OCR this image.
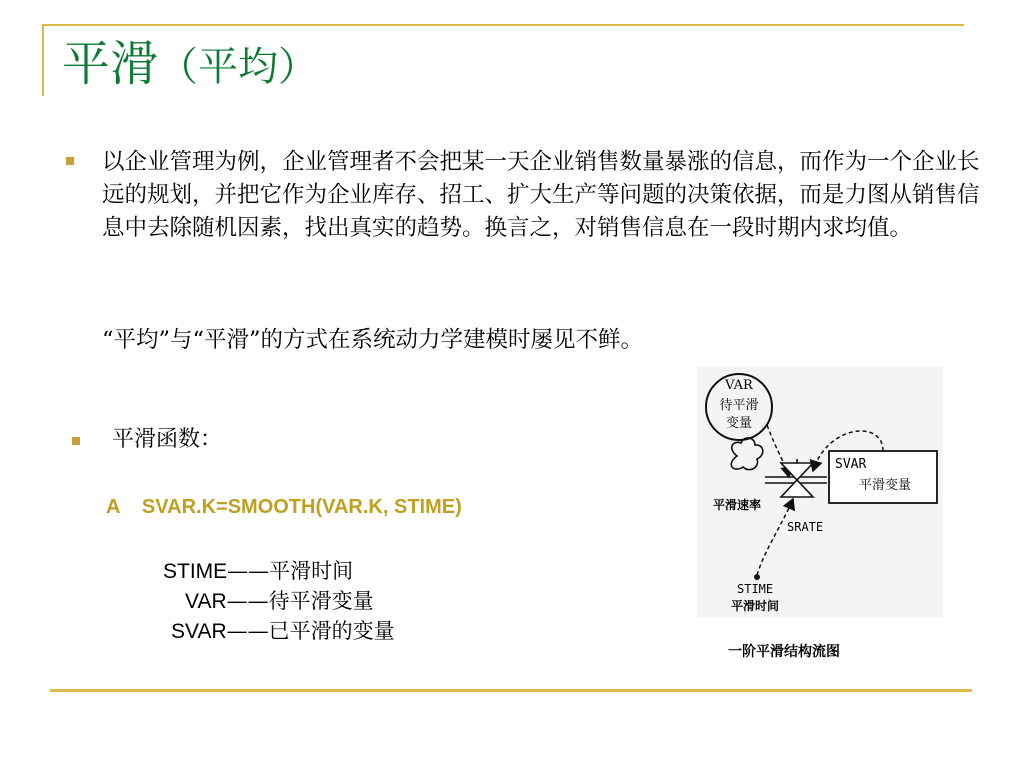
平滑（平均）

以企业管理为例，企业管理者不会把某一天企业销售数量暴涨的信息，而作为一个企业长远的规划，并把它作为企业库存、招工、扩大生产等问题的决策依据，而是力图从销售信息中去除随机因素，找出真实的趋势。换言之，对销售信息在一段时期内求均值。

“平均”与“平滑”的方式在系统动力学建模时屡见不鲜。
平滑函数：
A    SVAR.K=SMOOTH(VAR.K, STIME)
STIME——平滑时间
VAR——待平滑变量
SVAR——已平滑的变量
VAR
待平滑
变量
SVAR
平滑变量
平滑速率
SRATE
STIME
平滑时间
一阶平滑结构流图
